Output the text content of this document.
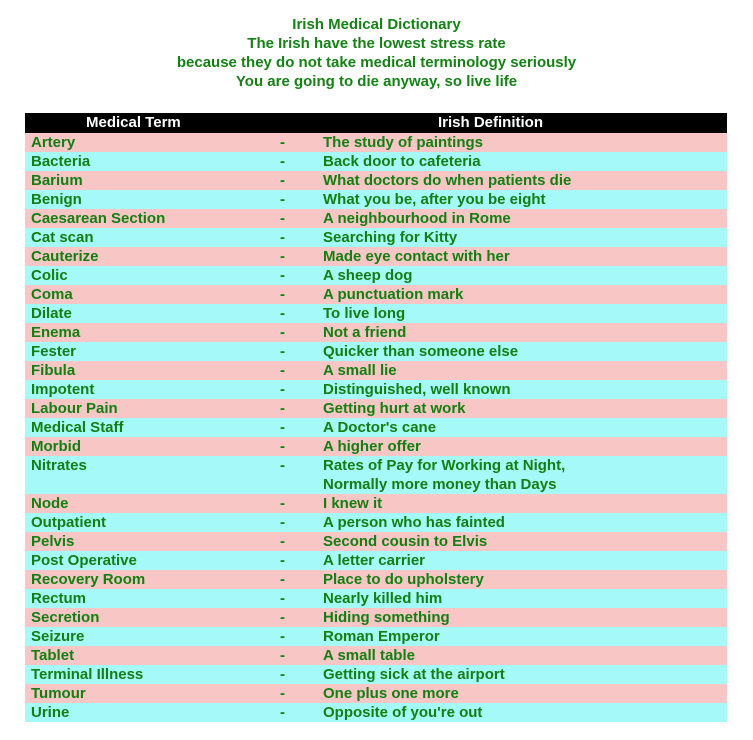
Irish Medical Dictionary
The Irish have the lowest stress rate
because they do not take medical terminology seriously
You are going to die anyway, so live life
Medical Term	Irish Definition
Artery	-	The study of paintings
Bacteria	-	Back door to cafeteria
Barium	-	What doctors do when patients die
Benign	-	What you be, after you be eight
Caesarean Section	-	A neighbourhood in Rome
Cat scan	-	Searching for Kitty
Cauterize	-	Made eye contact with her
Colic	-	A sheep dog
Coma	-	A punctuation mark
Dilate	-	To live long
Enema	-	Not a friend
Fester	-	Quicker than someone else
Fibula	-	A small lie
Impotent	-	Distinguished, well known
Labour Pain	-	Getting hurt at work
Medical Staff	-	A Doctor's cane
Morbid	-	A higher offer
Nitrates	-	Rates of Pay for Working at Night,
Normally more money than Days
Node	-	I knew it
Outpatient	-	A person who has fainted
Pelvis	-	Second cousin to Elvis
Post Operative	-	A letter carrier
Recovery Room	-	Place to do upholstery
Rectum	-	Nearly killed him
Secretion	-	Hiding something
Seizure	-	Roman Emperor
Tablet	-	A small table
Terminal Illness	-	Getting sick at the airport
Tumour	-	One plus one more
Urine	-	Opposite of you're out
